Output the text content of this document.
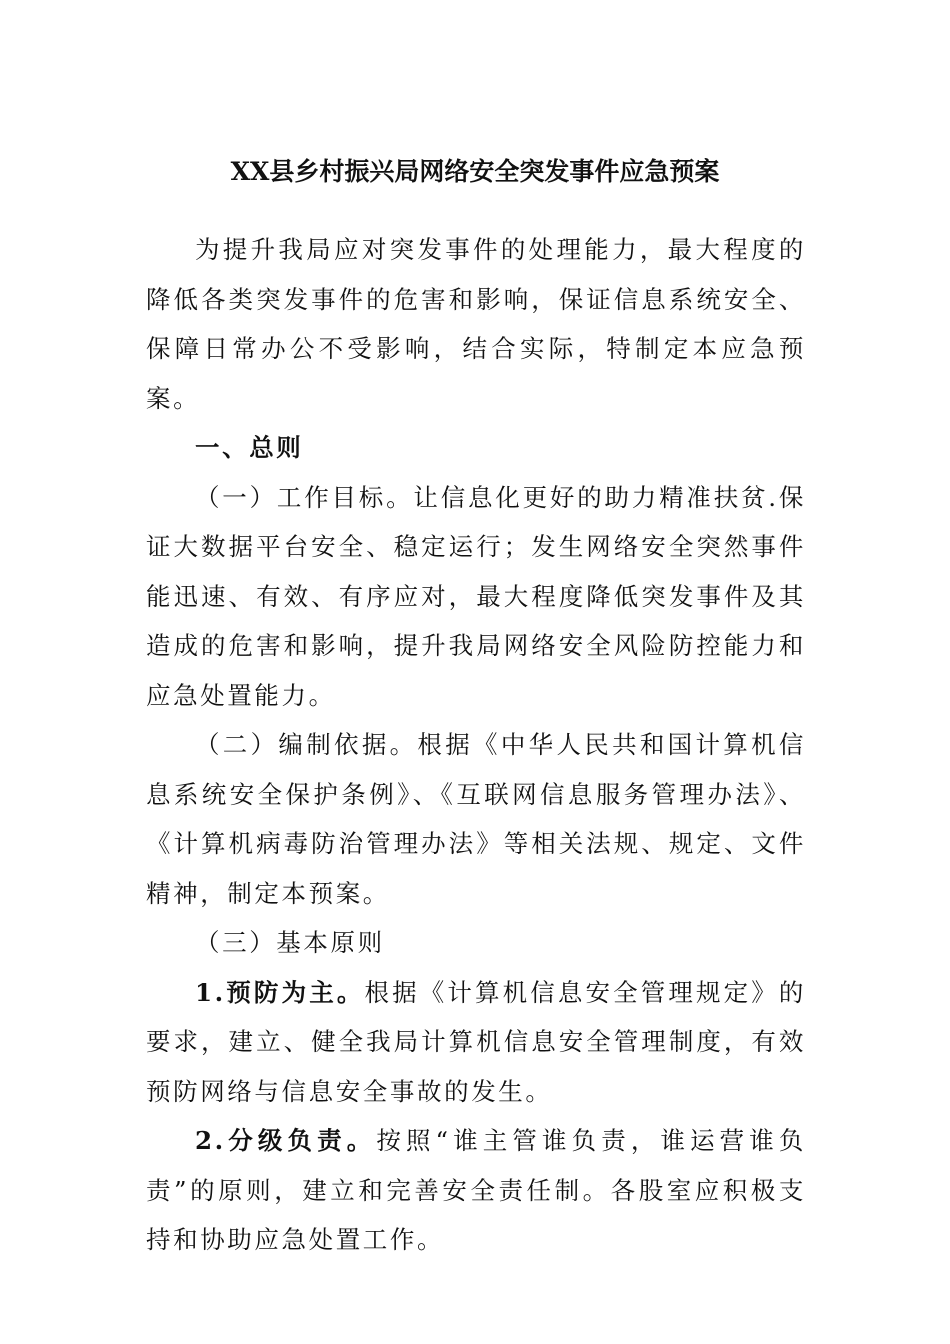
XX县乡村振兴局网络安全突发事件应急预案

为提升我局应对突发事件的处理能力，最大程度的降低各类突发事件的危害和影响，保证信息系统安全、保障日常办公不受影响，结合实际，特制定本应急预案。

一、总则

（一）工作目标。让信息化更好的助力精准扶贫.保证大数据平台安全、稳定运行；发生网络安全突然事件能迅速、有效、有序应对，最大程度降低突发事件及其造成的危害和影响，提升我局网络安全风险防控能力和应急处置能力。

（二）编制依据。根据《中华人民共和国计算机信息系统安全保护条例》、《互联网信息服务管理办法》、《计算机病毒防治管理办法》等相关法规、规定、文件精神，制定本预案。

（三）基本原则

1.预防为主。根据《计算机信息安全管理规定》的要求，建立、健全我局计算机信息安全管理制度，有效预防网络与信息安全事故的发生。

2.分级负责。按照“谁主管谁负责，谁运营谁负责”的原则，建立和完善安全责任制。各股室应积极支持和协助应急处置工作。
